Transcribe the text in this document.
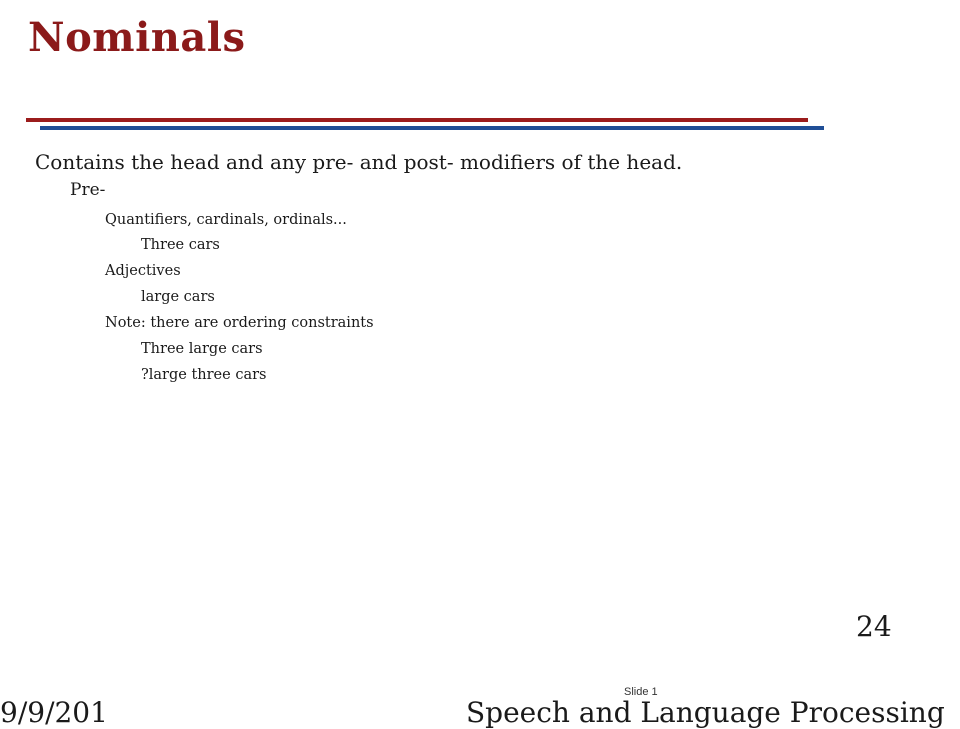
Nominals
Contains the head and any pre- and post- modifiers of the head.
Pre-
Quantifiers, cardinals, ordinals...
Three cars
Adjectives
large cars
Note: there are ordering constraints
Three large cars
?large three cars
24
Slide 1
9/9/201	Speech and Language Processing
